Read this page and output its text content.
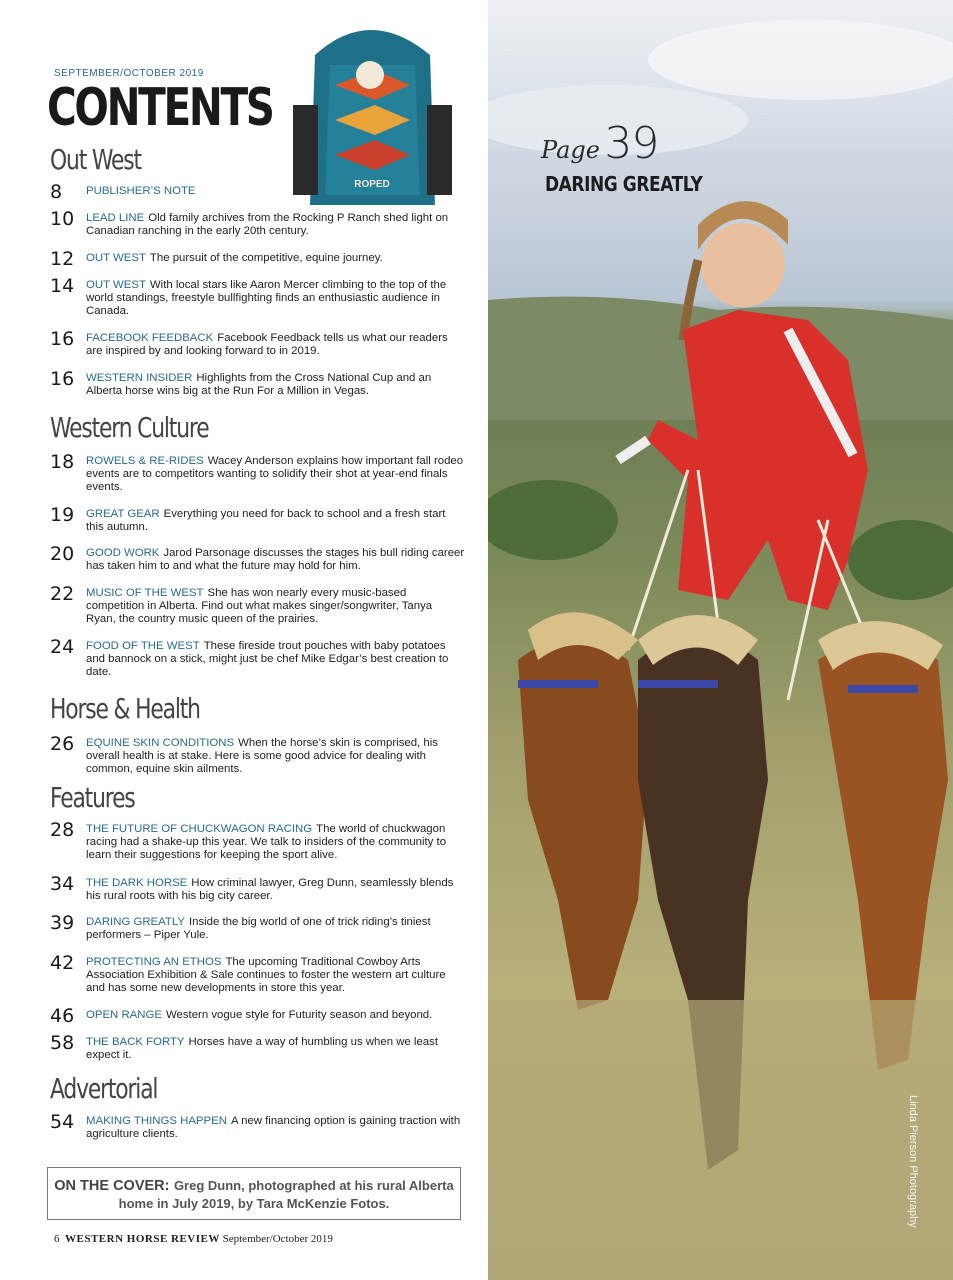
Page 39
DARING GREATLY
Linda Pierson Photography
ROPED
SEPTEMBER/OCTOBER 2019
CONTENTS
Out West
8	PUBLISHER’S NOTE
10	LEAD LINE Old family archives from the Rocking P Ranch shed light on Canadian ranching in the early 20th century.
12	OUT WEST The pursuit of the competitive, equine journey.
14	OUT WEST With local stars like Aaron Mercer climbing to the top of the world standings, freestyle bullfighting finds an enthusiastic audience in Canada.
16	FACEBOOK FEEDBACK Facebook Feedback tells us what our readers are inspired by and looking forward to in 2019.
16	WESTERN INSIDER Highlights from the Cross National Cup and an Alberta horse wins big at the Run For a Million in Vegas.
Western Culture
18	ROWELS & RE-RIDES Wacey Anderson explains how important fall rodeo events are to competitors wanting to solidify their shot at year-end finals events.
19	GREAT GEAR Everything you need for back to school and a fresh start this autumn.
20	GOOD WORK Jarod Parsonage discusses the stages his bull riding career has taken him to and what the future may hold for him.
22	MUSIC OF THE WEST She has won nearly every music-based competition in Alberta. Find out what makes singer/songwriter, Tanya Ryan, the country music queen of the prairies.
24	FOOD OF THE WEST These fireside trout pouches with baby potatoes and bannock on a stick, might just be chef Mike Edgar’s best creation to date.
Horse & Health
26	EQUINE SKIN CONDITIONS When the horse’s skin is comprised, his overall health is at stake. Here is some good advice for dealing with common, equine skin ailments.
Features
28	THE FUTURE OF CHUCKWAGON RACING The world of chuckwagon racing had a shake-up this year. We talk to insiders of the community to learn their suggestions for keeping the sport alive.
34	THE DARK HORSE How criminal lawyer, Greg Dunn, seamlessly blends his rural roots with his big city career.
39	DARING GREATLY Inside the big world of one of trick riding’s tiniest performers – Piper Yule.
42	PROTECTING AN ETHOS The upcoming Traditional Cowboy Arts Association Exhibition & Sale continues to foster the western art culture and has some new developments in store this year.
46	OPEN RANGE Western vogue style for Futurity season and beyond.
58	THE BACK FORTY Horses have a way of humbling us when we least expect it.
Advertorial
54	MAKING THINGS HAPPEN A new financing option is gaining traction with agriculture clients.
ON THE COVER: Greg Dunn, photographed at his rural Alberta home in July 2019, by Tara McKenzie Fotos.
6 WESTERN HORSE REVIEW September/October 2019
